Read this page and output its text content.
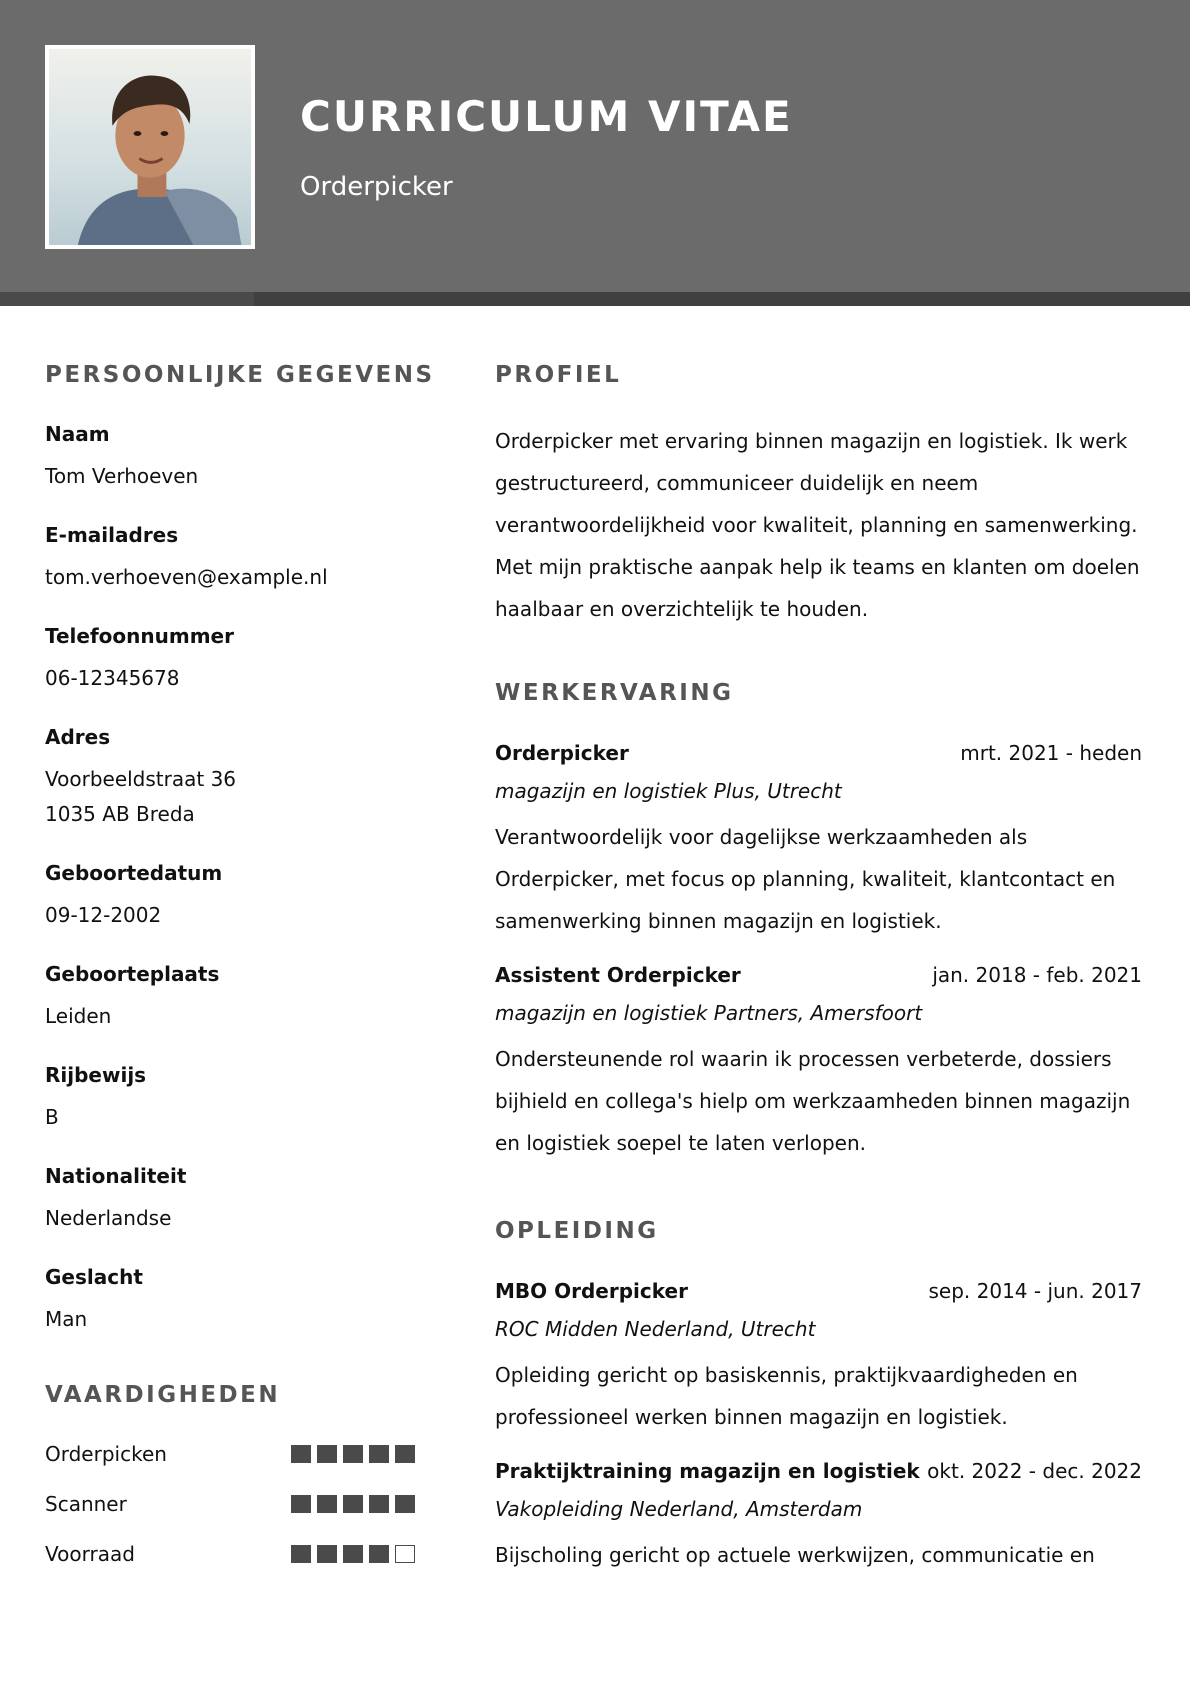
CURRICULUM VITAE
Orderpicker
PERSOONLIJKE GEGEVENS
Naam
Tom Verhoeven
E-mailadres
tom.verhoeven@example.nl
Telefoonnummer
06-12345678
Adres
Voorbeeldstraat 36
1035 AB Breda
Geboortedatum
09-12-2002
Geboorteplaats
Leiden
Rijbewijs
B
Nationaliteit
Nederlandse
Geslacht
Man
VAARDIGHEDEN
Orderpicken
Scanner
Voorraad
PROFIEL
Orderpicker met ervaring binnen magazijn en logistiek. Ik werk gestructureerd, communiceer duidelijk en neem verantwoordelijkheid voor kwaliteit, planning en samenwerking. Met mijn praktische aanpak help ik teams en klanten om doelen haalbaar en overzichtelijk te houden.
WERKERVARING
Orderpicker	mrt. 2021 - heden
magazijn en logistiek Plus, Utrecht
Verantwoordelijk voor dagelijkse werkzaamheden als Orderpicker, met focus op planning, kwaliteit, klantcontact en samenwerking binnen magazijn en logistiek.
Assistent Orderpicker	jan. 2018 - feb. 2021
magazijn en logistiek Partners, Amersfoort
Ondersteunende rol waarin ik processen verbeterde, dossiers bijhield en collega's hielp om werkzaamheden binnen magazijn en logistiek soepel te laten verlopen.
OPLEIDING
MBO Orderpicker	sep. 2014 - jun. 2017
ROC Midden Nederland, Utrecht
Opleiding gericht op basiskennis, praktijkvaardigheden en professioneel werken binnen magazijn en logistiek.
Praktijktraining magazijn en logistiek okt. 2022 - dec. 2022
Vakopleiding Nederland, Amsterdam
Bijscholing gericht op actuele werkwijzen, communicatie en
